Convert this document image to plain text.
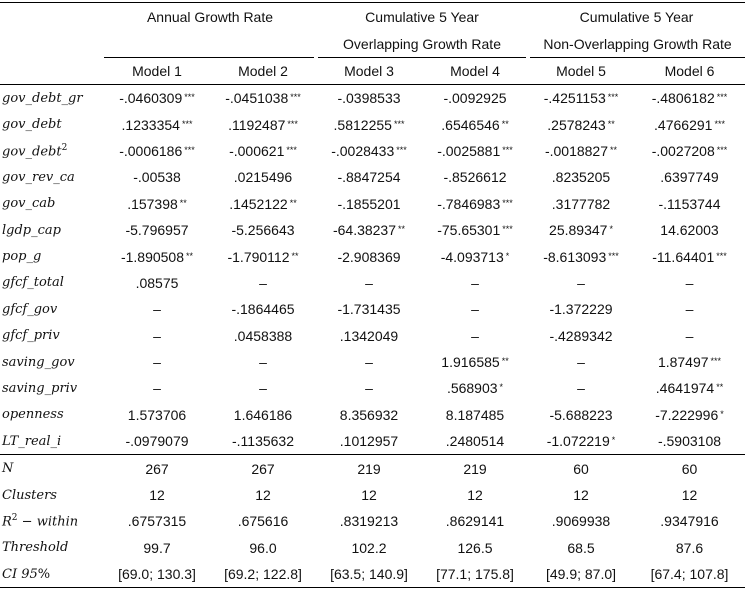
	Annual Growth Rate		Cumulative 5 Year		Cumulative 5 Year	
			Overlapping Growth Rate		Non-Overlapping Growth Rate	
	Model 1	Model 2	Model 3	Model 4	Model 5	Model 6
gov_debt_gr	-.0460309 ***	-.0451038 ***	-.0398533	-.0092925	-.4251153 ***	-.4806182 ***
gov_debt	.1233354 ***	.1192487 ***	.5812255 ***	.6546546 **	.2578243 **	.4766291 ***
gov_debt$^2$	-.0006186 ***	-.000621 ***	-.0028433 ***	-.0025881 ***	-.0018827 **	-.0027208 ***
gov_rev_ca	-.00538	.0215496	-.8847254	-.8526612	.8235205	.6397749
gov_cab	.157398 **	.1452122 **	-.1855201	-.7846983 ***	.3177782	-.1153744
lgdp_cap	-5.796957	-5.256643	-64.38237 **	-75.65301 ***	25.89347 *	14.62003
pop_g	-1.890508 **	-1.790112 **	-2.908369	-4.093713 *	-8.613093 ***	-11.64401 ***
gfcf_total	.08575	–	–	–	–	–
gfcf_gov	–	-.1864465	-1.731435	–	-1.372229	–
gfcf_priv	–	.0458388	.1342049	–	-.4289342	–
saving_gov	–	–	–	1.916585 **	–	1.87497 ***
saving_priv	–	–	–	.568903 *	–	.4641974 **
openness	1.573706	1.646186	8.356932	8.187485	-5.688223	-7.222996 *
LT_real_i	-.0979079	-.1135632	.1012957	.2480514	-1.072219 *	-.5903108
N	267	267	219	219	60	60
Clusters	12	12	12	12	12	12
$R^2$ − within	.6757315	.675616	.8319213	.8629141	.9069938	.9347916
Threshold	99.7	96.0	102.2	126.5	68.5	87.6
CI 95%	[69.0; 130.3]	[69.2; 122.8]	[63.5; 140.9]	[77.1; 175.8]	[49.9; 87.0]	[67.4; 107.8]
